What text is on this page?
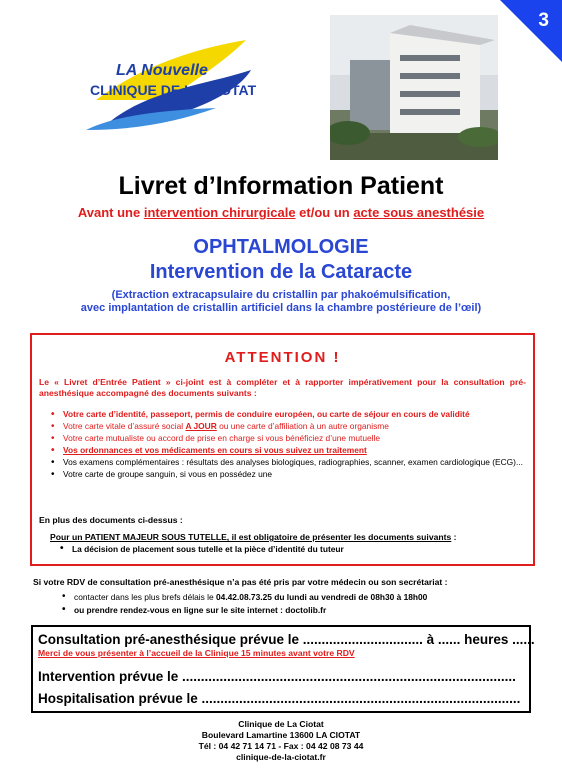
3
LA Nouvelle
CLINIQUE DE LA CIOTAT
Livret d’Information Patient
Avant une intervention chirurgicale et/ou un acte sous anesthésie
OPHTALMOLOGIE
Intervention de la Cataracte
(Extraction extracapsulaire du cristallin par phakoémulsification,
avec implantation de cristallin artificiel dans la chambre postérieure de l’œil)
ATTENTION !
Le « Livret d’Entrée Patient » ci-joint est à compléter et à rapporter impérativement pour la consultation pré-anesthésique accompagné des documents suivants :
• Votre carte d’identité, passeport, permis de conduire européen, ou carte de séjour en cours de validité
• Votre carte vitale d’assuré social A JOUR ou une carte d’affiliation à un autre organisme
• Votre carte mutualiste ou accord de prise en charge si vous bénéficiez d’une mutuelle
• Vos ordonnances et vos médicaments en cours si vous suivez un traitement
• Vos examens complémentaires : résultats des analyses biologiques, radiographies, scanner, examen cardiologique (ECG)...
• Votre carte de groupe sanguin, si vous en possédez une
En plus des documents ci-dessus :
Pour un PATIENT MAJEUR SOUS TUTELLE, il est obligatoire de présenter les documents suivants :
• La décision de placement sous tutelle et la pièce d’identité du tuteur
Si votre RDV de consultation pré-anesthésique n’a pas été pris par votre médecin ou son secrétariat :
• contacter dans les plus brefs délais le 04.42.08.73.25 du lundi au vendredi de 08h30 à 18h00
• ou prendre rendez-vous en ligne sur le site internet : doctolib.fr
Consultation pré-anesthésique prévue le ................................ à ...... heures ......
Merci de vous présenter à l’accueil de la Clinique 15 minutes avant votre RDV
Intervention prévue le .........................................................................................
Hospitalisation prévue le .....................................................................................
Clinique de La Ciotat
Boulevard Lamartine 13600 LA CIOTAT
Tél : 04 42 71 14 71 - Fax : 04 42 08 73 44
clinique-de-la-ciotat.fr
